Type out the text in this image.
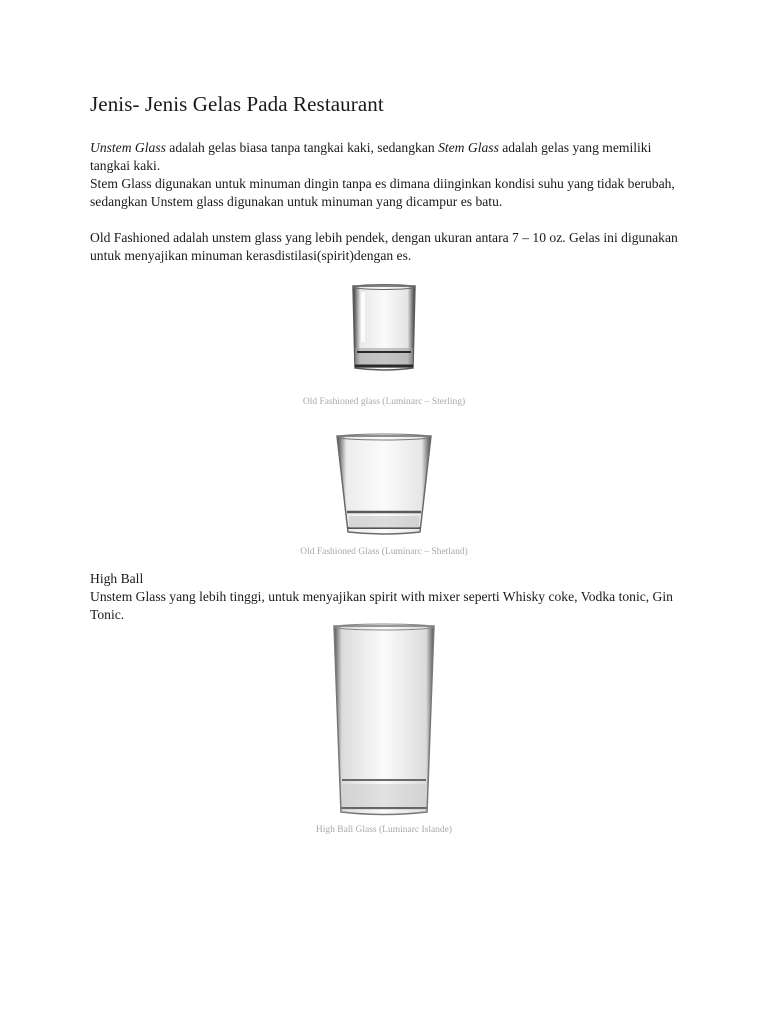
Jenis- Jenis Gelas Pada Restaurant

Unstem Glass adalah gelas biasa tanpa tangkai kaki, sedangkan Stem Glass adalah gelas yang memiliki tangkai kaki.

Stem Glass digunakan untuk minuman dingin tanpa es dimana diinginkan kondisi suhu yang tidak berubah, sedangkan Unstem glass digunakan untuk minuman yang dicampur es batu.

Old Fashioned adalah unstem glass yang lebih pendek, dengan ukuran antara 7 – 10 oz. Gelas ini digunakan untuk menyajikan minuman kerasdistilasi(spirit)dengan es.

Old Fashioned glass (Luminarc – Sterling)
Old Fashioned Glass (Luminarc – Shetland)

High Ball

Unstem Glass yang lebih tinggi, untuk menyajikan spirit with mixer seperti Whisky coke, Vodka tonic, Gin Tonic.

High Ball Glass (Luminarc Islande)
